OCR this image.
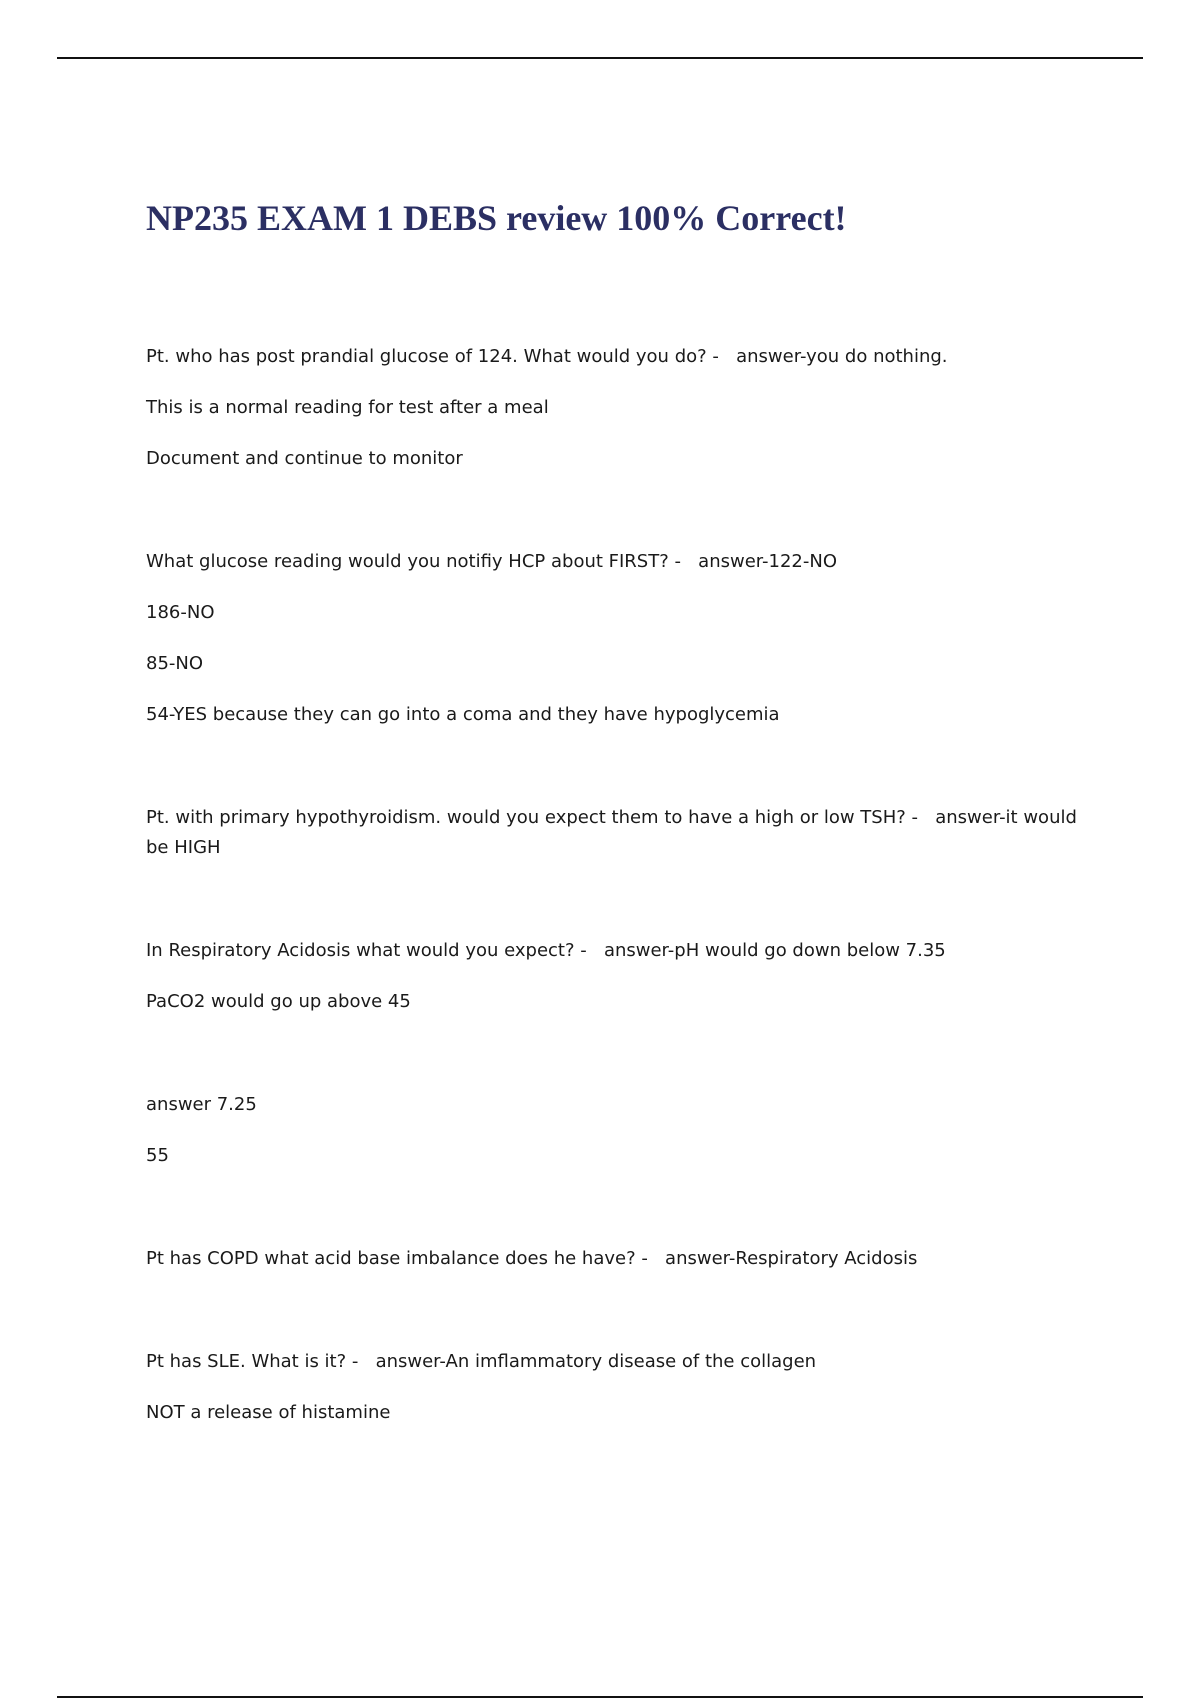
NP235 EXAM 1 DEBS review 100% Correct!

Pt. who has post prandial glucose of 124. What would you do? - answer-you do nothing.

This is a normal reading for test after a meal

Document and continue to monitor

What glucose reading would you notifiy HCP about FIRST? - answer-122-NO

186-NO

85-NO

54-YES because they can go into a coma and they have hypoglycemia

Pt. with primary hypothyroidism. would you expect them to have a high or low TSH? - answer-it would be HIGH

In Respiratory Acidosis what would you expect? - answer-pH would go down below 7.35

PaCO2 would go up above 45

answer 7.25

55

Pt has COPD what acid base imbalance does he have? - answer-Respiratory Acidosis

Pt has SLE. What is it? - answer-An imflammatory disease of the collagen

NOT a release of histamine
